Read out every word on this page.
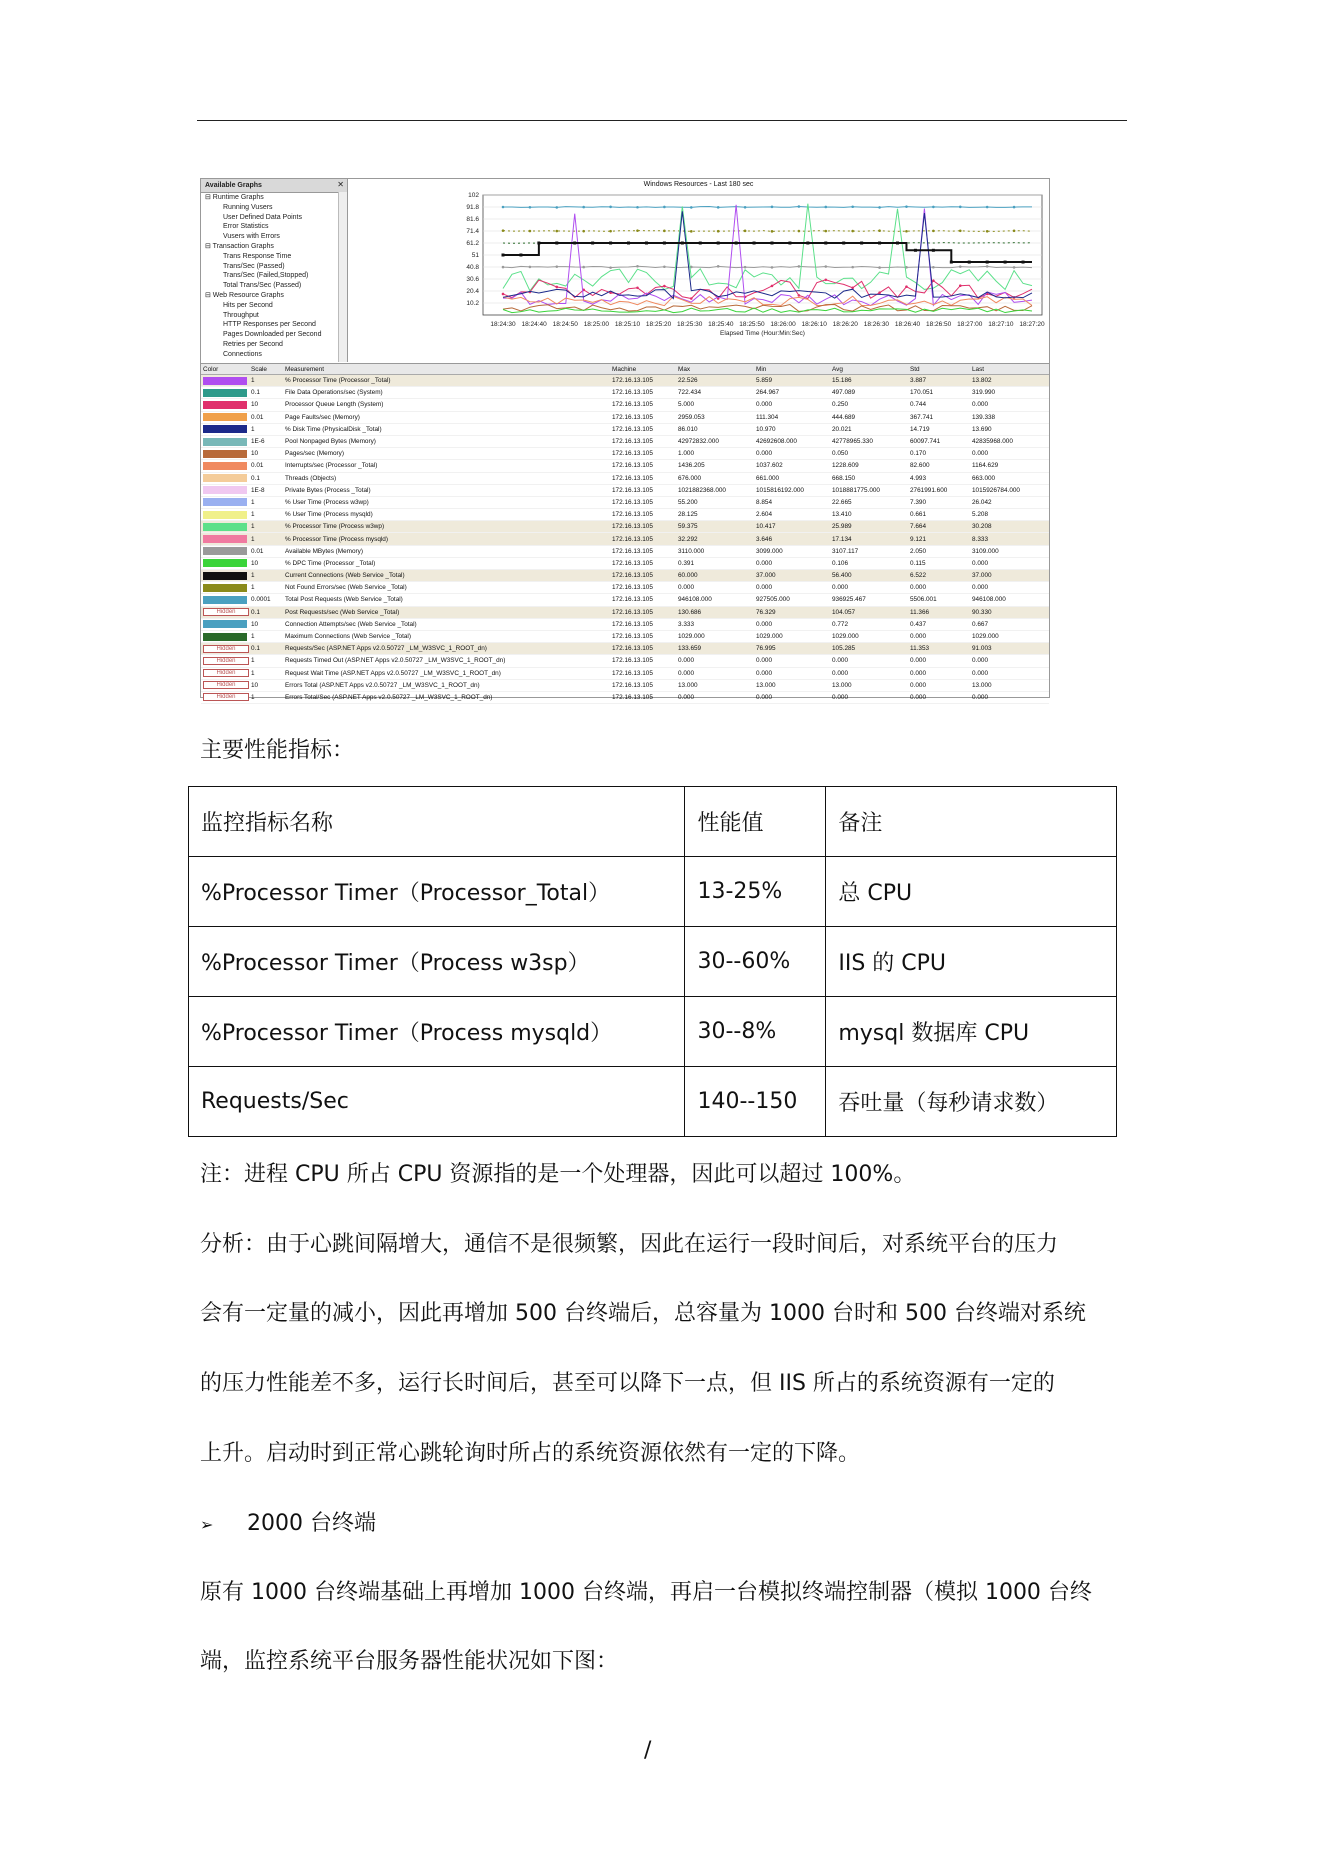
Available Graphs	✕
⊟ Runtime Graphs
Running Vusers
User Defined Data Points
Error Statistics
Vusers with Errors
⊟ Transaction Graphs
Trans Response Time
Trans/Sec (Passed)
Trans/Sec (Failed,Stopped)
Total Trans/Sec (Passed)
⊟ Web Resource Graphs
Hits per Second
Throughput
HTTP Responses per Second
Pages Downloaded per Second
Retries per Second
Connections
Windows Resources - Last 180 sec
102
91.8
81.6
71.4
61.2
51
40.8
30.6
20.4
10.2
18:24:30 18:24:40 18:24:50 18:25:00 18:25:10 18:25:20 18:25:30 18:25:40 18:25:50 18:26:00 18:26:10 18:26:20 18:26:30 18:26:40 18:26:50 18:27:00 18:27:10 18:27:20
Elapsed Time (Hour:Min:Sec)
Color	Scale	Measurement	Machine	Max	Min	Avg	Std	Last

	1	% Processor Time (Processor _Total)	172.16.13.105	22.526	5.859	15.186	3.887	13.802

	0.1	File Data Operations/sec (System)	172.16.13.105	722.434	264.967	497.089	170.051	319.990

	10	Processor Queue Length (System)	172.16.13.105	5.000	0.000	0.250	0.744	0.000

	0.01	Page Faults/sec (Memory)	172.16.13.105	2959.053	111.304	444.689	367.741	139.338

	1	% Disk Time (PhysicalDisk _Total)	172.16.13.105	86.010	10.970	20.021	14.719	13.690

	1E-6	Pool Nonpaged Bytes (Memory)	172.16.13.105	42972832.000	42692608.000	42778965.330	60097.741	42835968.000

	10	Pages/sec (Memory)	172.16.13.105	1.000	0.000	0.050	0.170	0.000

	0.01	Interrupts/sec (Processor _Total)	172.16.13.105	1436.205	1037.602	1228.609	82.600	1164.629

	0.1	Threads (Objects)	172.16.13.105	676.000	661.000	668.150	4.993	663.000

	1E-8	Private Bytes (Process _Total)	172.16.13.105	1021882368.000	1015816192.000	1018881775.000	2761991.600	1015926784.000

	1	% User Time (Process w3wp)	172.16.13.105	55.200	8.854	22.665	7.390	26.042

	1	% User Time (Process mysqld)	172.16.13.105	28.125	2.604	13.410	0.661	5.208

	1	% Processor Time (Process w3wp)	172.16.13.105	59.375	10.417	25.989	7.664	30.208

	1	% Processor Time (Process mysqld)	172.16.13.105	32.292	3.646	17.134	9.121	8.333

	0.01	Available MBytes (Memory)	172.16.13.105	3110.000	3099.000	3107.117	2.050	3109.000

	10	% DPC Time (Processor _Total)	172.16.13.105	0.391	0.000	0.106	0.115	0.000

	1	Current Connections (Web Service _Total)	172.16.13.105	60.000	37.000	56.400	6.522	37.000

	1	Not Found Errors/sec (Web Service _Total)	172.16.13.105	0.000	0.000	0.000	0.000	0.000

	0.0001	Total Post Requests (Web Service _Total)	172.16.13.105	946108.000	927505.000	936925.467	5506.001	946108.000

Hidden	0.1	Post Requests/sec (Web Service _Total)	172.16.13.105	130.686	76.329	104.057	11.366	90.330

	10	Connection Attempts/sec (Web Service _Total)	172.16.13.105	3.333	0.000	0.772	0.437	0.667

	1	Maximum Connections (Web Service _Total)	172.16.13.105	1029.000	1029.000	1029.000	0.000	1029.000

Hidden	0.1	Requests/Sec (ASP.NET Apps v2.0.50727 _LM_W3SVC_1_ROOT_dn)	172.16.13.105	133.659	76.995	105.285	11.353	91.003

Hidden	1	Requests Timed Out (ASP.NET Apps v2.0.50727 _LM_W3SVC_1_ROOT_dn)	172.16.13.105	0.000	0.000	0.000	0.000	0.000

Hidden	1	Request Wait Time (ASP.NET Apps v2.0.50727 _LM_W3SVC_1_ROOT_dn)	172.16.13.105	0.000	0.000	0.000	0.000	0.000

Hidden	10	Errors Total (ASP.NET Apps v2.0.50727 _LM_W3SVC_1_ROOT_dn)	172.16.13.105	13.000	13.000	13.000	0.000	13.000

Hidden	1	Errors Total/Sec (ASP.NET Apps v2.0.50727 _LM_W3SVC_1_ROOT_dn)	172.16.13.105	0.000	0.000	0.000	0.000	0.000
主要性能指标：
监控指标名称	性能值	备注
%Processor Timer（Processor_Total）	13-25%	总 CPU
%Processor Timer（Process w3sp）	30--60%	IIS 的 CPU
%Processor Timer（Process mysqld）	30--8%	mysql 数据库 CPU
Requests/Sec	140--150	吞吐量（每秒请求数）
注：进程 CPU 所占 CPU 资源指的是一个处理器，因此可以超过 100%。
分析：由于心跳间隔增大，通信不是很频繁，因此在运行一段时间后，对系统平台的压力
会有一定量的减小，因此再增加 500 台终端后，总容量为 1000 台时和 500 台终端对系统
的压力性能差不多，运行长时间后，甚至可以降下一点，但 IIS 所占的系统资源有一定的
上升。启动时到正常心跳轮询时所占的系统资源依然有一定的下降。
➢ 2000 台终端
原有 1000 台终端基础上再增加 1000 台终端，再启一台模拟终端控制器（模拟 1000 台终
端，监控系统平台服务器性能状况如下图：
/
